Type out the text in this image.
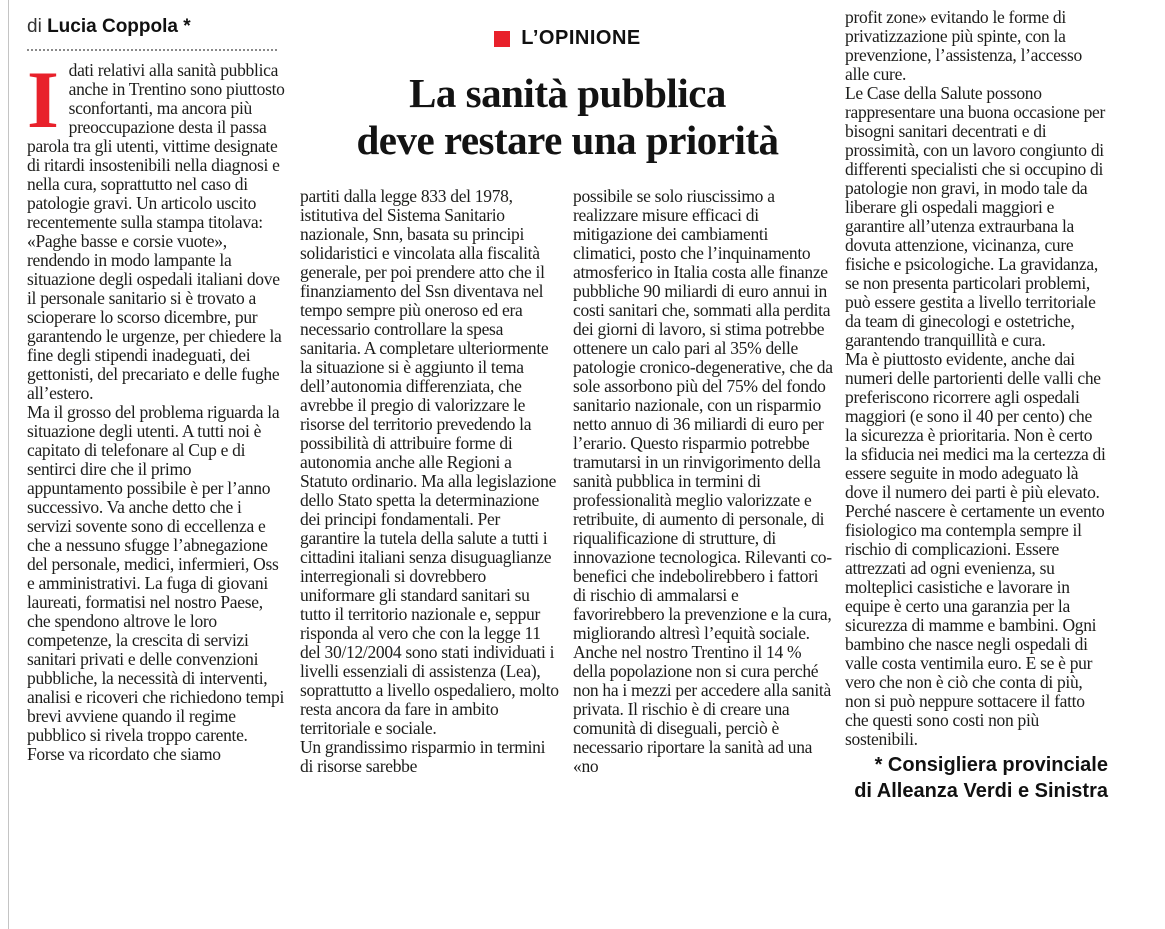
di Lucia Coppola *
L’OPINIONE
La sanità pubblica
deve restare una priorità

Idati relativi alla sanità pubblica anche in Trentino sono piuttosto sconfortanti, ma ancora più preoccupazione desta il passa parola tra gli utenti, vittime designate di ritardi insostenibili nella diagnosi e nella cura, soprattutto nel caso di patologie gravi. Un articolo uscito recentemente sulla stampa titolava: «Paghe basse e corsie vuote», rendendo in modo lampante la situazione degli ospedali italiani dove il personale sanitario si è trovato a scioperare lo scorso dicembre, pur garantendo le urgenze, per chiedere la fine degli stipendi inadeguati, dei gettonisti, del precariato e delle fughe all’estero.

Ma il grosso del problema riguarda la situazione degli utenti. A tutti noi è capitato di telefonare al Cup e di sentirci dire che il primo appuntamento possibile è per l’anno successivo. Va anche detto che i servizi sovente sono di eccellenza e che a nessuno sfugge l’abnegazione del personale, medici, infermieri, Oss e amministrativi. La fuga di giovani laureati, formatisi nel nostro Paese, che spendono altrove le loro competenze, la crescita di servizi sanitari privati e delle convenzioni pubbliche, la necessità di interventi, analisi e ricoveri che richiedono tempi brevi avviene quando il regime pubblico si rivela troppo carente.

Forse va ricordato che siamo

partiti dalla legge 833 del 1978, istitutiva del Sistema Sanitario nazionale, Snn, basata su principi solidaristici e vincolata alla fiscalità generale, per poi prendere atto che il finanziamento del Ssn diventava nel tempo sempre più oneroso ed era necessario controllare la spesa sanitaria. A completare ulteriormente la situazione si è aggiunto il tema dell’autonomia differenziata, che avrebbe il pregio di valorizzare le risorse del territorio prevedendo la possibilità di attribuire forme di autonomia anche alle Regioni a Statuto ordinario. Ma alla legislazione dello Stato spetta la determinazione dei principi fondamentali. Per garantire la tutela della salute a tutti i cittadini italiani senza disuguaglianze interregionali si dovrebbero uniformare gli standard sanitari su tutto il territorio nazionale e, seppur risponda al vero che con la legge 11 del 30/12/2004 sono stati individuati i livelli essenziali di assistenza (Lea), soprattutto a livello ospedaliero, molto resta ancora da fare in ambito territoriale e sociale.

Un grandissimo risparmio in termini di risorse sarebbe

possibile se solo riuscissimo a realizzare misure efficaci di mitigazione dei cambiamenti climatici, posto che l’inquinamento atmosferico in Italia costa alle finanze pubbliche 90 miliardi di euro annui in costi sanitari che, sommati alla perdita dei giorni di lavoro, si stima potrebbe ottenere un calo pari al 35% delle patologie cronico-degenerative, che da sole assorbono più del 75% del fondo sanitario nazionale, con un risparmio netto annuo di 36 miliardi di euro per l’erario. Questo risparmio potrebbe tramutarsi in un rinvigorimento della sanità pubblica in termini di professionalità meglio valorizzate e retribuite, di aumento di personale, di riqualificazione di strutture, di innovazione tecnologica. Rilevanti co-benefici che indebolirebbero i fattori di rischio di ammalarsi e favorirebbero la prevenzione e la cura, migliorando altresì l’equità sociale. Anche nel nostro Trentino il 14 % della popolazione non si cura perché non ha i mezzi per accedere alla sanità privata. Il rischio è di creare una comunità di diseguali, perciò è necessario riportare la sanità ad una «no

profit zone» evitando le forme di privatizzazione più spinte, con la prevenzione, l’assistenza, l’accesso alle cure.

Le Case della Salute possono rappresentare una buona occasione per bisogni sanitari decentrati e di prossimità, con un lavoro congiunto di differenti specialisti che si occupino di patologie non gravi, in modo tale da liberare gli ospedali maggiori e garantire all’utenza extraurbana la dovuta attenzione, vicinanza, cure fisiche e psicologiche. La gravidanza, se non presenta particolari problemi, può essere gestita a livello territoriale da team di ginecologi e ostetriche, garantendo tranquillità e cura.

Ma è piuttosto evidente, anche dai numeri delle partorienti delle valli che preferiscono ricorrere agli ospedali maggiori (e sono il 40 per cento) che la sicurezza è prioritaria. Non è certo la sfiducia nei medici ma la certezza di essere seguite in modo adeguato là dove il numero dei parti è più elevato. Perché nascere è certamente un evento fisiologico ma contempla sempre il rischio di complicazioni. Essere attrezzati ad ogni evenienza, su molteplici casistiche e lavorare in equipe è certo una garanzia per la sicurezza di mamme e bambini. Ogni bambino che nasce negli ospedali di valle costa ventimila euro. E se è pur vero che non è ciò che conta di più, non si può neppure sottacere il fatto che questi sono costi non più sostenibili.

* Consigliera provinciale
di Alleanza Verdi e Sinistra
